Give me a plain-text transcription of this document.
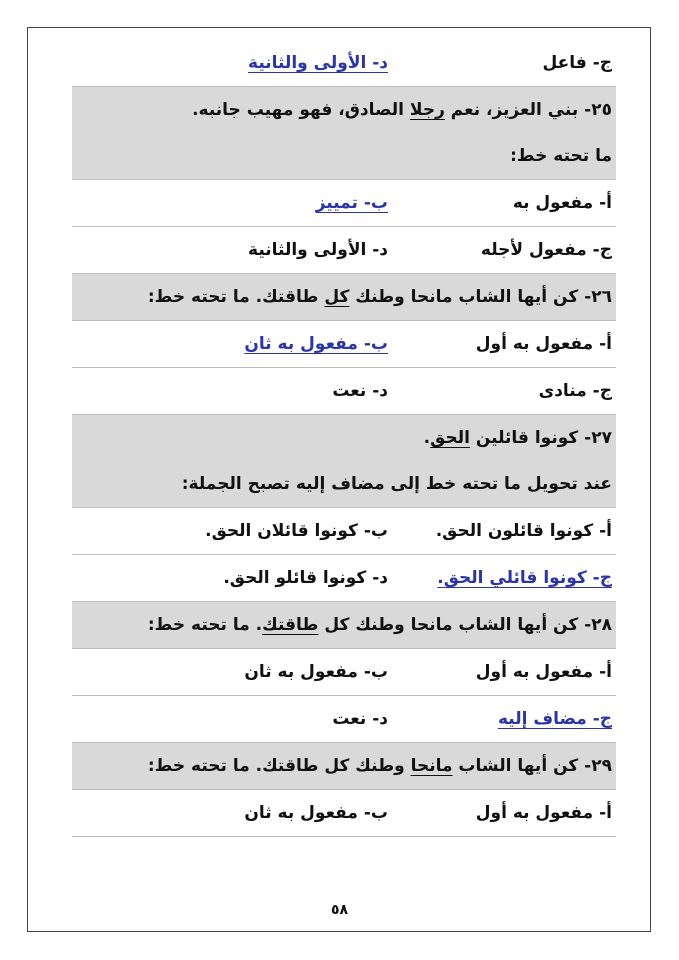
ج- فاعل
د- الأولى والثانية
٢٥- بني العزيز، نعم رجلا الصادق، فهو مهيب جانبه.
ما تحته خط:
أ- مفعول به
ب- تمييز
ج- مفعول لأجله
د- الأولى والثانية
٢٦- كن أيها الشاب مانحا وطنك كل طاقتك. ما تحته خط:
أ- مفعول به أول
ب- مفعول به ثان
ج- منادى
د- نعت
٢٧- كونوا قائلين الحق.
عند تحويل ما تحته خط إلى مضاف إليه تصبح الجملة:
أ- كونوا قائلون الحق.
ب- كونوا قائلان الحق.
ج- كونوا قائلي الحق.
د- كونوا قائلو الحق.
٢٨- كن أيها الشاب مانحا وطنك كل طاقتك. ما تحته خط:
أ- مفعول به أول
ب- مفعول به ثان
ج- مضاف إليه
د- نعت
٢٩- كن أيها الشاب مانحا وطنك كل طاقتك. ما تحته خط:
أ- مفعول به أول
ب- مفعول به ثان
٥٨
